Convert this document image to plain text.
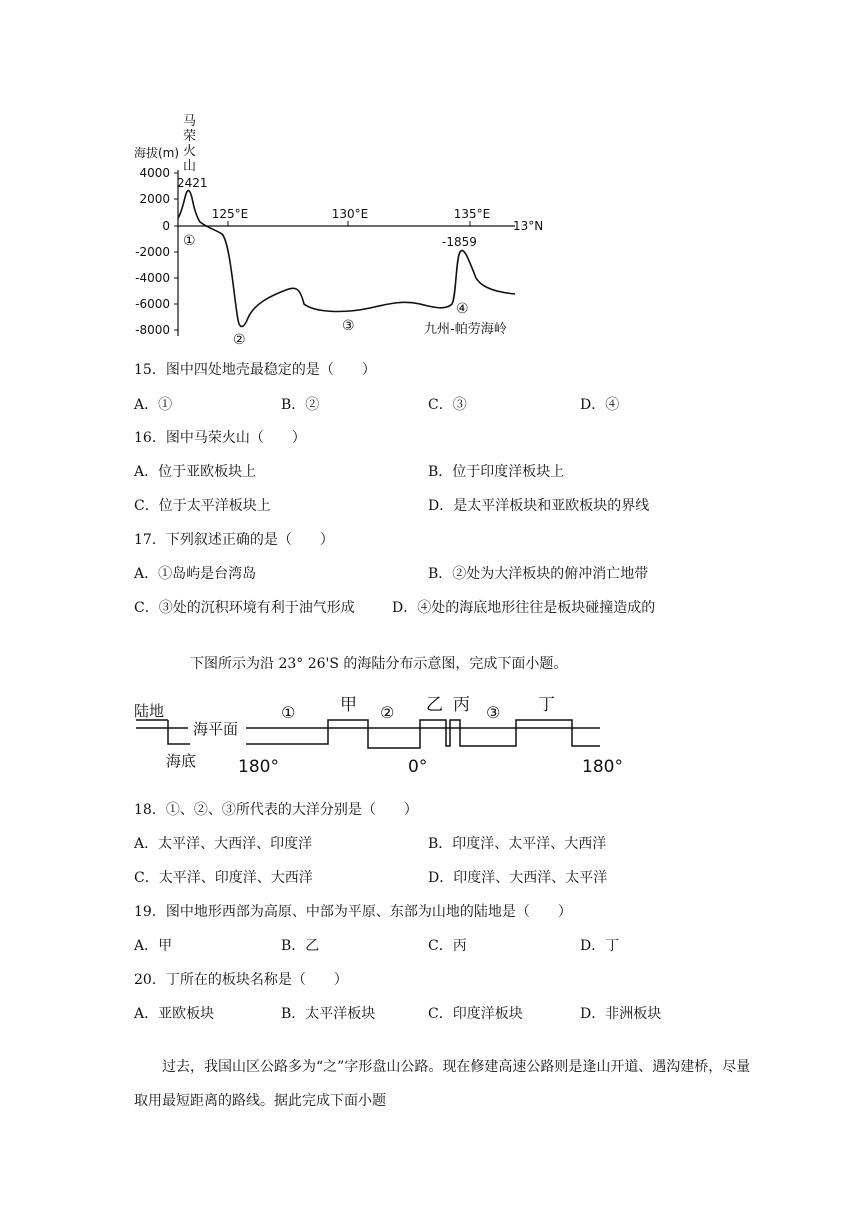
海拔(m)
4000
2000
0
-2000
-4000
-6000
-8000
125°E	130°E	135°E
13°N
马
荣
火
山
2421
-1859
①
②
③
④
九州-帕劳海岭
15．图中四处地壳最稳定的是（　　）
A．①	B．②	C．③	D．④
16．图中马荣火山（　　）
A．位于亚欧板块上	B．位于印度洋板块上
C．位于太平洋板块上	D．是太平洋板块和亚欧板块的界线
17．下列叙述正确的是（　　）
A．①岛屿是台湾岛	B．②处为大洋板块的俯冲消亡地带
C．③处的沉积环境有利于油气形成	D．④处的海底地形往往是板块碰撞造成的
下图所示为沿 23° 26'S 的海陆分布示意图，完成下面小题。
陆地
海平面
海底
①	②	③
甲	乙 丙	丁
180°	0°	180°
18．①、②、③所代表的大洋分别是（　　）
A．太平洋、大西洋、印度洋	B．印度洋、太平洋、大西洋
C．太平洋、印度洋、大西洋	D．印度洋、大西洋、太平洋
19．图中地形西部为高原、中部为平原、东部为山地的陆地是（　　）
A．甲	B．乙	C．丙	D．丁
20．丁所在的板块名称是（　　）
A．亚欧板块	B．太平洋板块	C．印度洋板块	D．非洲板块
过去，我国山区公路多为“之”字形盘山公路。现在修建高速公路则是逢山开道、遇沟建桥，尽量取用最短距离的路线。据此完成下面小题
